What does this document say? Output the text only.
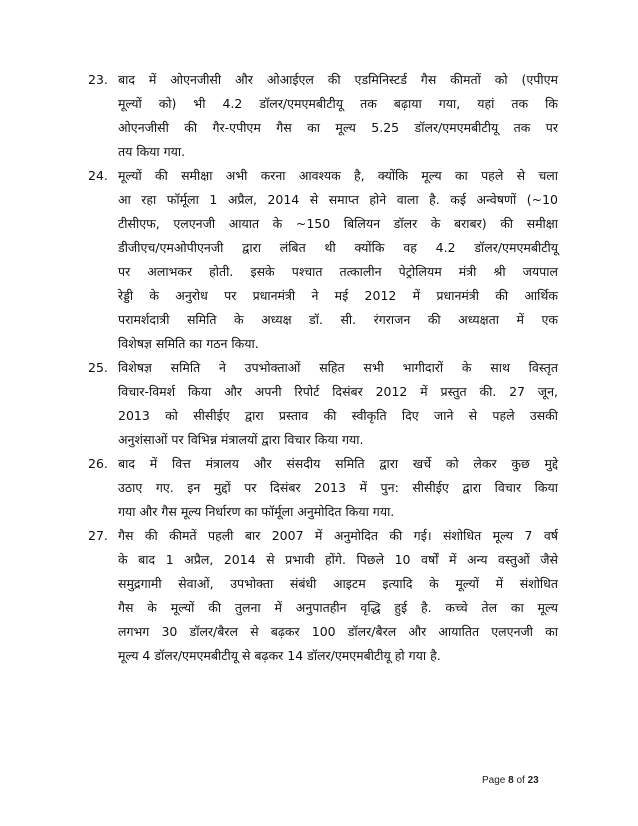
23. बाद में ओएनजीसी और ओआईएल की एडमिनिस्टर्ड गैस कीमतों को (एपीएम
मूल्यों को) भी 4.2 डॉलर/एमएमबीटीयू तक बढ़ाया गया, यहां तक कि
ओएनजीसी की गैर-एपीएम गैस का मूल्य 5.25 डॉलर/एमएमबीटीयू तक पर
तय किया गया.
24. मूल्यों की समीक्षा अभी करना आवश्यक है, क्योंकि मूल्य का पहले से चला
आ रहा फॉर्मूला 1 अप्रैल, 2014 से समाप्त होने वाला है. कई अन्वेषणों (~10
टीसीएफ, एलएनजी आयात के ~150 बिलियन डॉलर के बराबर) की समीक्षा
डीजीएच/एमओपीएनजी द्वारा लंबित थी क्योंकि वह 4.2 डॉलर/एमएमबीटीयू
पर अलाभकर होती. इसके पश्चात तत्कालीन पेट्रोलियम मंत्री श्री जयपाल
रेड्डी के अनुरोध पर प्रधानमंत्री ने मई 2012 में प्रधानमंत्री की आर्थिक
परामर्शदात्री समिति के अध्यक्ष डॉ. सी. रंगराजन की अध्यक्षता में एक
विशेषज्ञ समिति का गठन किया.
25. विशेषज्ञ समिति ने उपभोक्ताओं सहित सभी भागीदारों के साथ विस्तृत
विचार-विमर्श किया और अपनी रिपोर्ट दिसंबर 2012 में प्रस्तुत की. 27 जून,
2013 को सीसीईए द्वारा प्रस्ताव की स्वीकृति दिए जाने से पहले उसकी
अनुशंसाओं पर विभिन्न मंत्रालयों द्वारा विचार किया गया.
26. बाद में वित्त मंत्रालय और संसदीय समिति द्वारा खर्चे को लेकर कुछ मुद्दे
उठाए गए. इन मुद्दों पर दिसंबर 2013 में पुन: सीसीईए द्वारा विचार किया
गया और गैस मूल्य निर्धारण का फॉर्मूला अनुमोदित किया गया.
27. गैस की कीमतें पहली बार 2007 में अनुमोदित की गई। संशोधित मूल्य 7 वर्ष
के बाद 1 अप्रैल, 2014 से प्रभावी होंगे. पिछले 10 वर्षों में अन्य वस्तुओं जैसे
समुद्रगामी सेवाओं, उपभोक्ता संबंधी आइटम इत्यादि के मूल्यों में संशोधित
गैस के मूल्यों की तुलना में अनुपातहीन वृद्धि हुई है. कच्चे तेल का मूल्य
लगभग 30 डॉलर/बैरल से बढ़कर 100 डॉलर/बैरल और आयातित एलएनजी का
मूल्य 4 डॉलर/एमएमबीटीयू से बढ़कर 14 डॉलर/एमएमबीटीयू हो गया है.
Page 8 of 23
